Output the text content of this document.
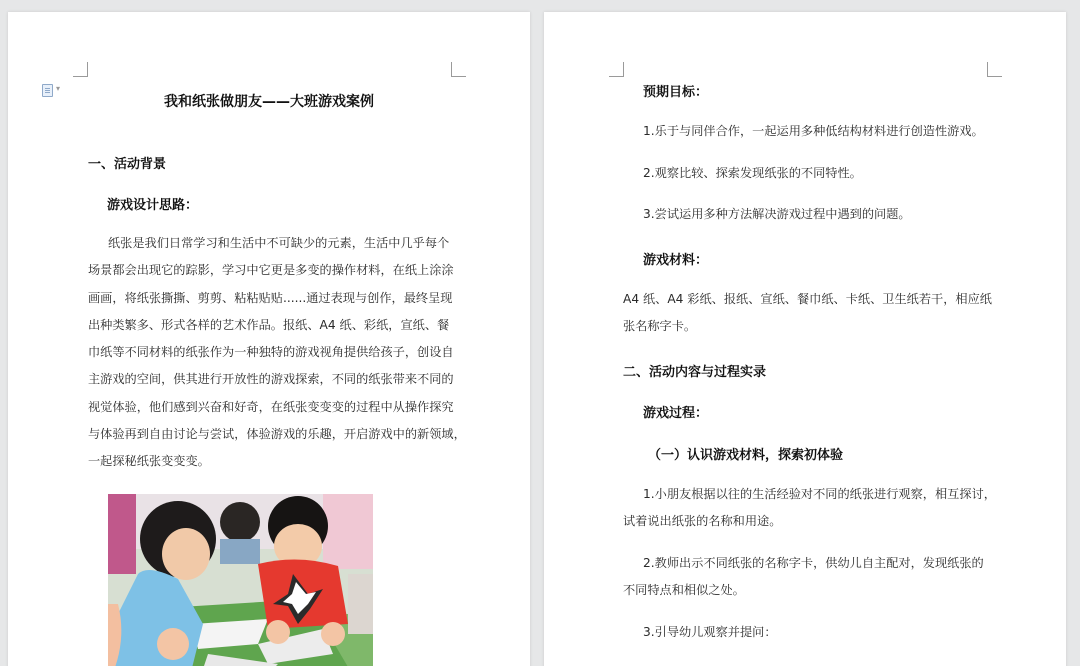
▾
我和纸张做朋友——大班游戏案例

一、活动背景

游戏设计思路：

纸张是我们日常学习和生活中不可缺少的元素，生活中几乎每个
场景都会出现它的踪影，学习中它更是多变的操作材料，在纸上涂涂
画画，将纸张撕撕、剪剪、粘粘贴贴......通过表现与创作，最终呈现
出种类繁多、形式各样的艺术作品。报纸、A4 纸、彩纸，宣纸、餐
巾纸等不同材料的纸张作为一种独特的游戏视角提供给孩子，创设自
主游戏的空间，供其进行开放性的游戏探索，不同的纸张带来不同的
视觉体验，他们感到兴奋和好奇，在纸张变变变的过程中从操作探究
与体验再到自由讨论与尝试，体验游戏的乐趣，开启游戏中的新领域，
一起探秘纸张变变变。

预期目标：

1.乐于与同伴合作，一起运用多种低结构材料进行创造性游戏。

2.观察比较、探索发现纸张的不同特性。

3.尝试运用多种方法解决游戏过程中遇到的问题。

游戏材料：

A4 纸、A4 彩纸、报纸、宣纸、餐巾纸、卡纸、卫生纸若干，相应纸
张名称字卡。

二、活动内容与过程实录

游戏过程：

（一）认识游戏材料，探索初体验

1.小朋友根据以往的生活经验对不同的纸张进行观察，相互探讨，
试着说出纸张的名称和用途。
2.教师出示不同纸张的名称字卡，供幼儿自主配对，发现纸张的
不同特点和相似之处。

3.引导幼儿观察并提问：
